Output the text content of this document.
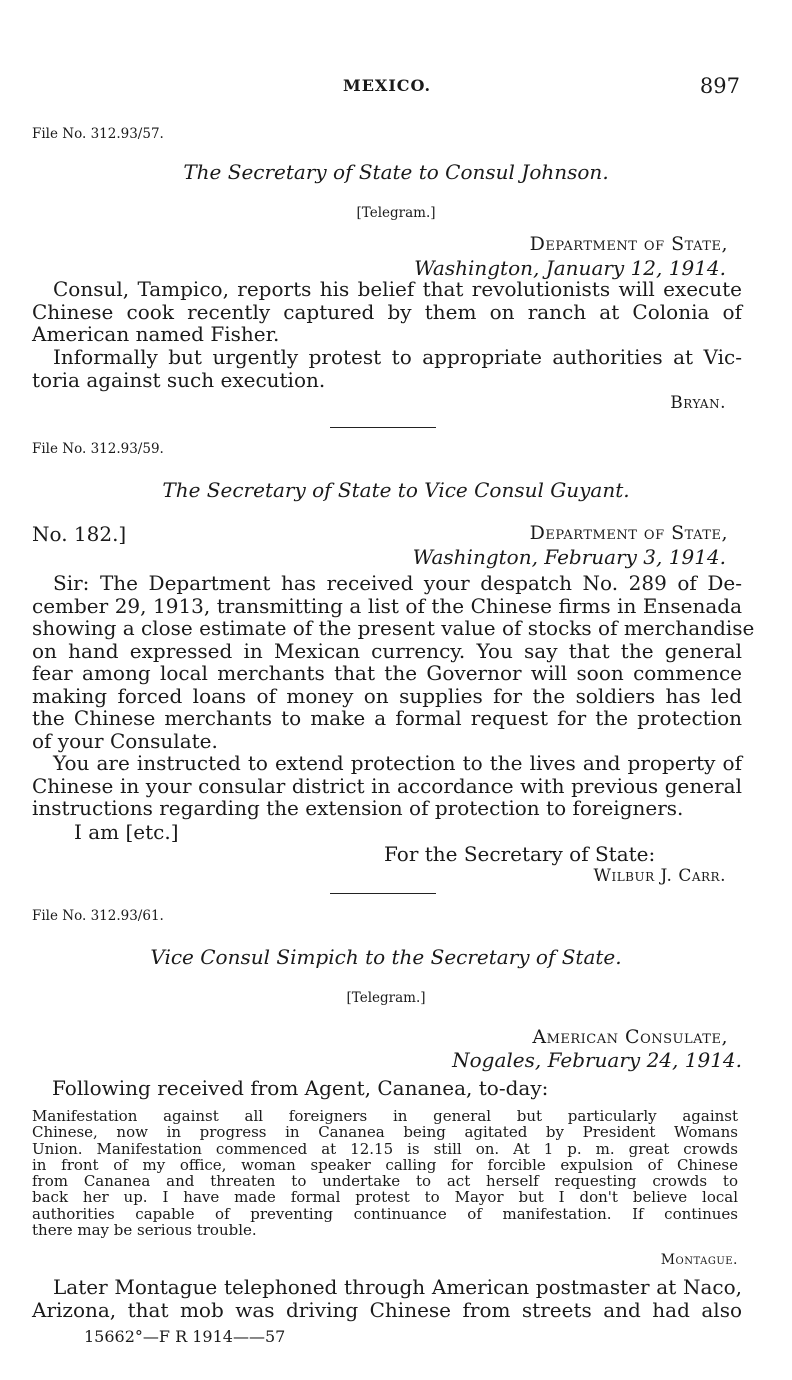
MEXICO.	897
File No. 312.93/57.
The Secretary of State to Consul Johnson.
[Telegram.]
Department of State,
Washington, January 12, 1914.
Consul, Tampico, reports his belief that revolutionists will execute
Chinese cook recently captured by them on ranch at Colonia of
American named Fisher.
Informally but urgently protest to appropriate authorities at Vic-
toria against such execution.
Bryan.
File No. 312.93/59.
The Secretary of State to Vice Consul Guyant.
No. 182.]	Department of State,
Washington, February 3, 1914.
Sir: The Department has received your despatch No. 289 of De-
cember 29, 1913, transmitting a list of the Chinese firms in Ensenada
showing a close estimate of the present value of stocks of merchandise
on hand expressed in Mexican currency. You say that the general
fear among local merchants that the Governor will soon commence
making forced loans of money on supplies for the soldiers has led
the Chinese merchants to make a formal request for the protection
of your Consulate.
You are instructed to extend protection to the lives and property of
Chinese in your consular district in accordance with previous general
instructions regarding the extension of protection to foreigners.
I am [etc.]
For the Secretary of State:
Wilbur J. Carr.
File No. 312.93/61.
Vice Consul Simpich to the Secretary of State.
[Telegram.]
American Consulate,
Nogales, February 24, 1914.
Following received from Agent, Cananea, to-day:
Manifestation against all foreigners in general but particularly against
Chinese, now in progress in Cananea being agitated by President Womans
Union. Manifestation commenced at 12.15 is still on. At 1 p. m. great crowds
in front of my office, woman speaker calling for forcible expulsion of Chinese
from Cananea and threaten to undertake to act herself requesting crowds to
back her up. I have made formal protest to Mayor but I don't believe local
authorities capable of preventing continuance of manifestation. If continues
there may be serious trouble.
Montague.
Later Montague telephoned through American postmaster at Naco,
Arizona, that mob was driving Chinese from streets and had also
15662°—F R 1914——57
